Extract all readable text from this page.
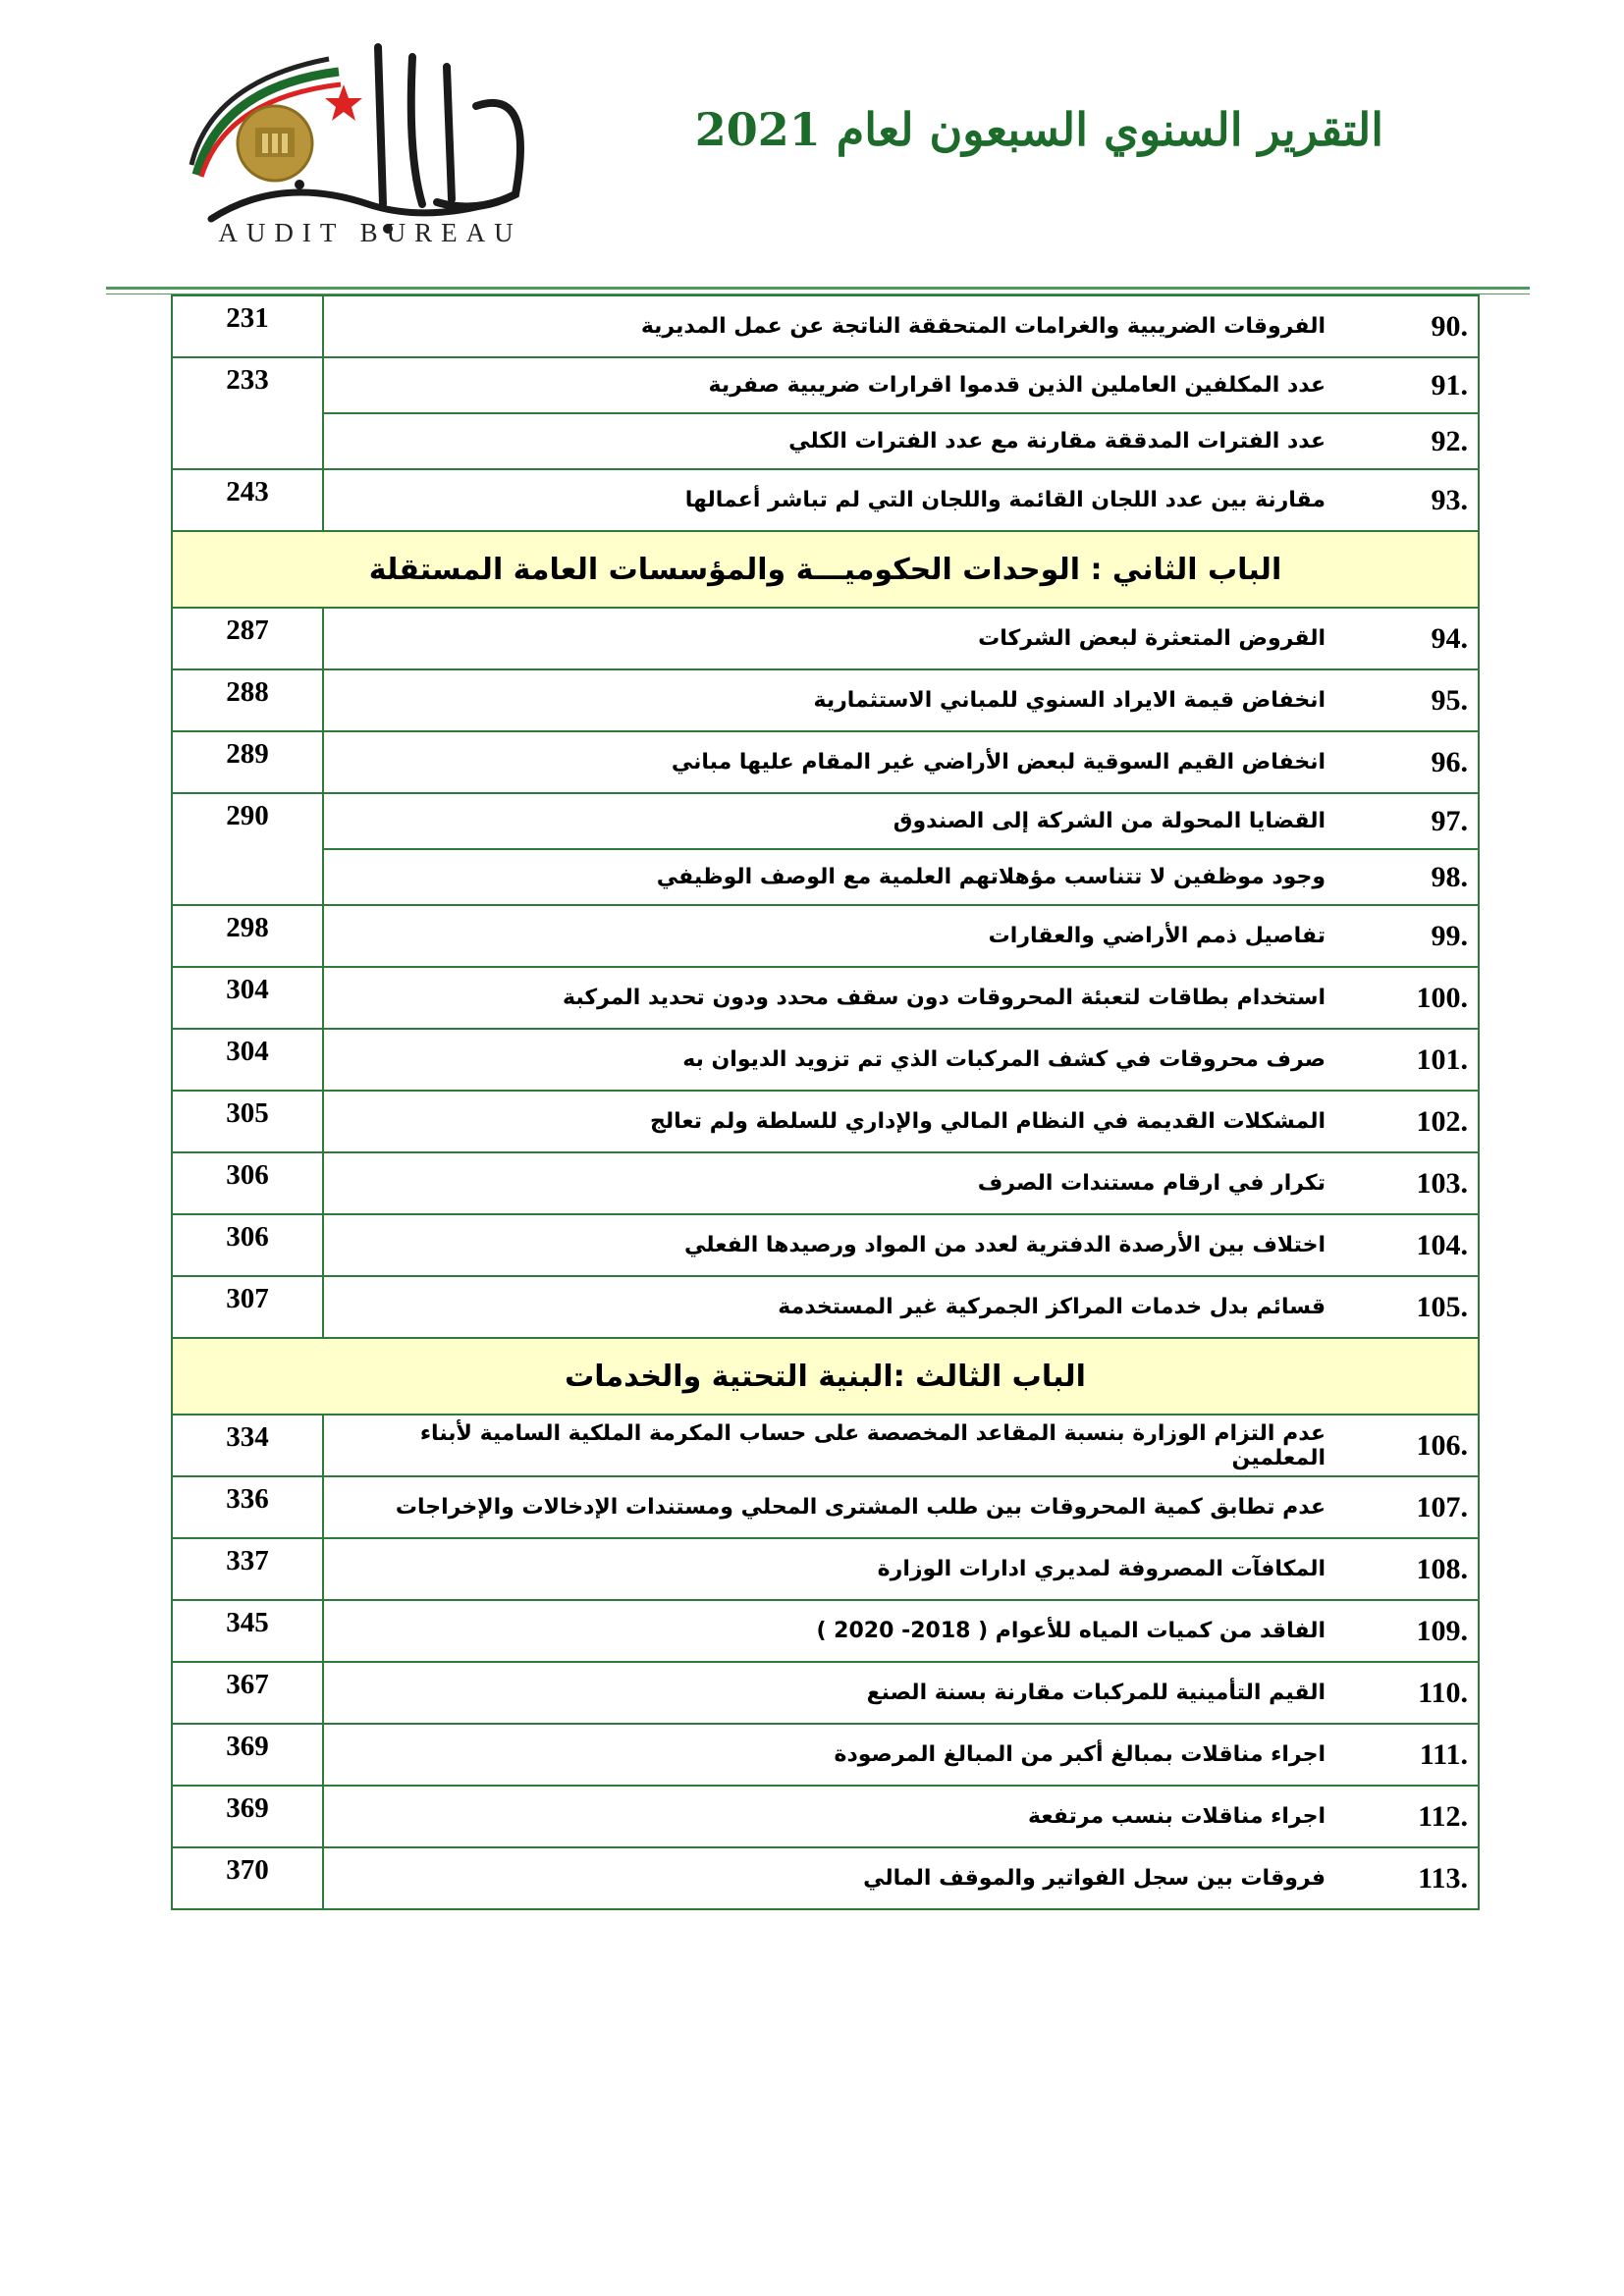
AUDIT BUREAU
التقرير السنوي السبعون لعام 2021
231	الفروقات الضريبية والغرامات المتحققة الناتجة عن عمل المديرية 90.

233	عدد المكلفين العاملين الذين قدموا اقرارات ضريبية صفرية 91.

	عدد الفترات المدققة مقارنة مع عدد الفترات الكلي 92.

243	مقارنة بين عدد اللجان القائمة واللجان التي لم تباشر أعمالها 93.

الباب الثاني : الوحدات الحكوميـــة والمؤسسات العامة المستقلة	
287	القروض المتعثرة لبعض الشركات 94.

288	انخفاض قيمة الايراد السنوي للمباني الاستثمارية 95.

289	انخفاض القيم السوقية لبعض الأراضي غير المقام عليها مباني 96.

290	القضايا المحولة من الشركة إلى الصندوق 97.

	وجود موظفين لا تتناسب مؤهلاتهم العلمية مع الوصف الوظيفي 98.

298	تفاصيل ذمم الأراضي والعقارات 99.

304	استخدام بطاقات لتعبئة المحروقات دون سقف محدد ودون تحديد المركبة 100.

304	صرف محروقات في كشف المركبات الذي تم تزويد الديوان به 101.

305	المشكلات القديمة في النظام المالي والإداري للسلطة ولم تعالج 102.

306	تكرار في ارقام مستندات الصرف 103.

306	اختلاف بين الأرصدة الدفترية لعدد من المواد ورصيدها الفعلي 104.

307	قسائم بدل خدمات المراكز الجمركية غير المستخدمة 105.

الباب الثالث :البنية التحتية والخدمات	
334	عدم التزام الوزارة بنسبة المقاعد المخصصة على حساب المكرمة الملكية السامية لأبناء المعلمين 106.

336	عدم تطابق كمية المحروقات بين طلب المشترى المحلي ومستندات الإدخالات والإخراجات 107.

337	المكافآت المصروفة لمديري ادارات الوزارة 108.

345	الفاقد من كميات المياه للأعوام ( 2018- 2020 ) 109.

367	القيم التأمينية للمركبات مقارنة بسنة الصنع 110.

369	اجراء مناقلات بمبالغ أكبر من المبالغ المرصودة 111.

369	اجراء مناقلات بنسب مرتفعة 112.

370	فروقات بين سجل الفواتير والموقف المالي 113.
